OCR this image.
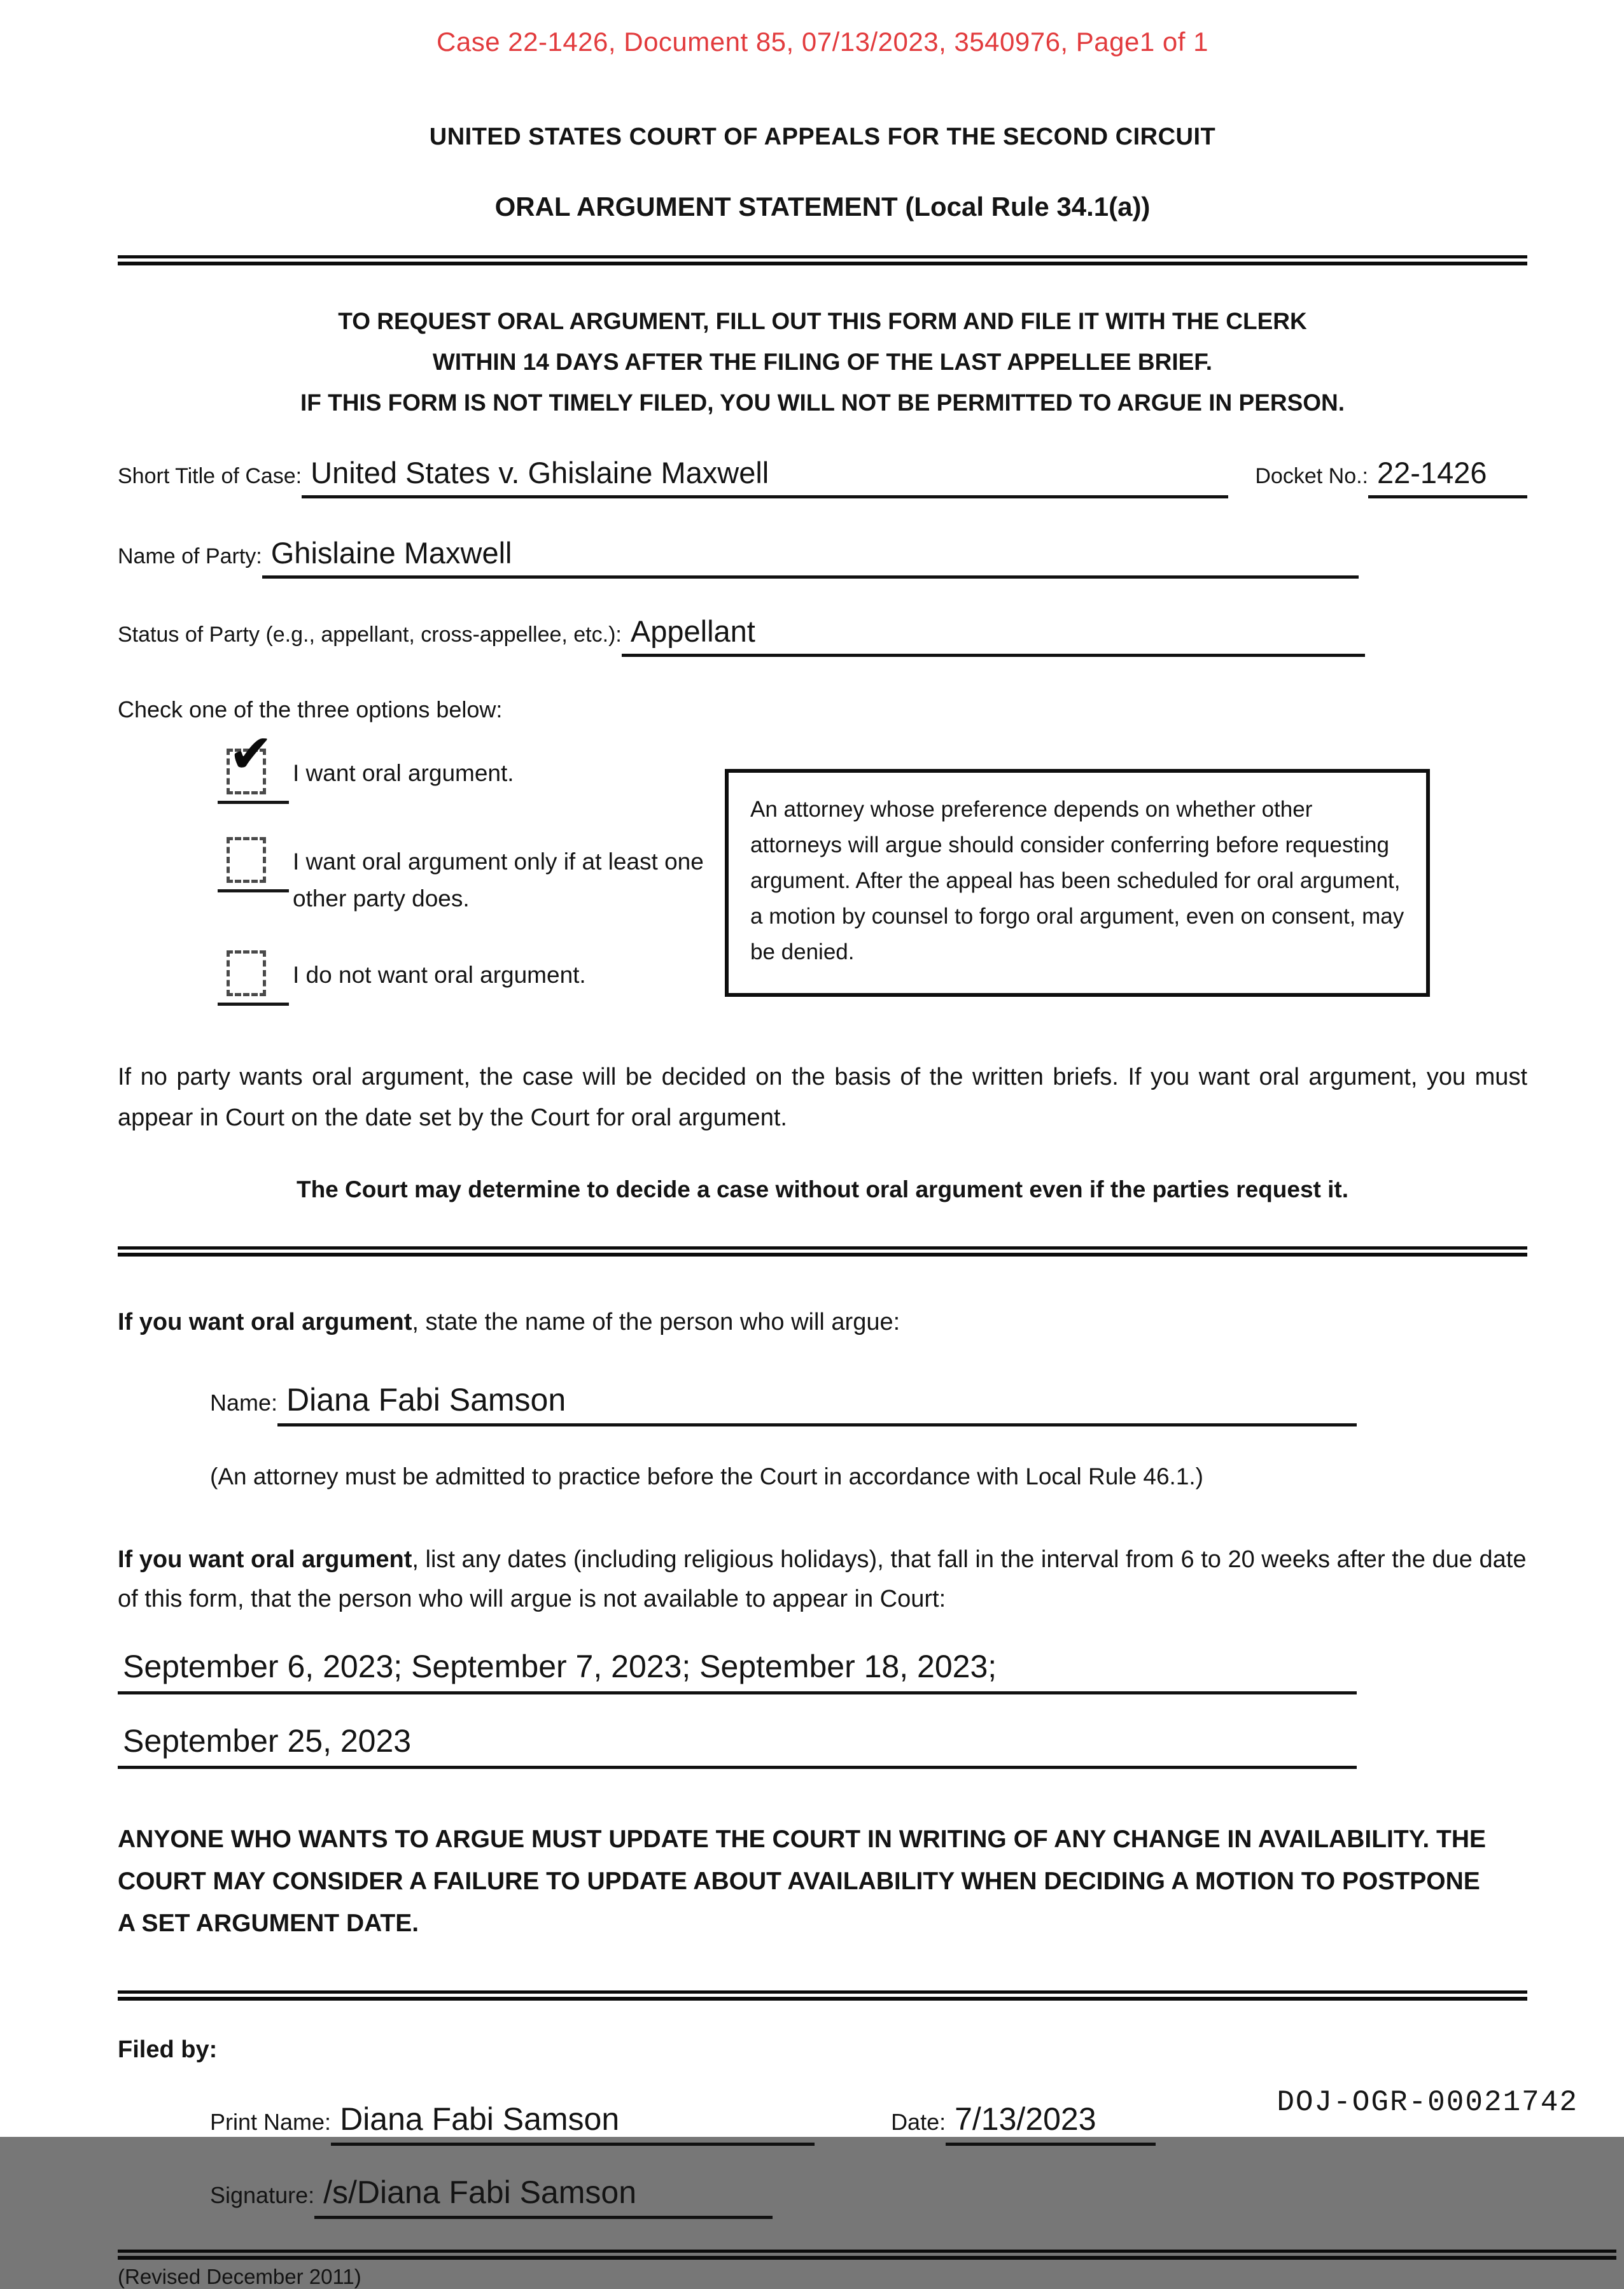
Case 22-1426, Document 85, 07/13/2023, 3540976, Page1 of 1
UNITED STATES COURT OF APPEALS FOR THE SECOND CIRCUIT
ORAL ARGUMENT STATEMENT (Local Rule 34.1(a))
TO REQUEST ORAL ARGUMENT, FILL OUT THIS FORM AND FILE IT WITH THE CLERK
WITHIN 14 DAYS AFTER THE FILING OF THE LAST APPELLEE BRIEF.
IF THIS FORM IS NOT TIMELY FILED, YOU WILL NOT BE PERMITTED TO ARGUE IN PERSON.
Short Title of Case: United States v. Ghislaine Maxwell	Docket No.: 22-1426
Name of Party: Ghislaine Maxwell
Status of Party (e.g., appellant, cross-appellee, etc.): Appellant
Check one of the three options below:
✔ I want oral argument.
I want oral argument only if at least one other party does.
I do not want oral argument.
An attorney whose preference depends on whether other attorneys will argue should consider conferring before requesting argument. After the appeal has been scheduled for oral argument, a motion by counsel to forgo oral argument, even on consent, may be denied.
If no party wants oral argument, the case will be decided on the basis of the written briefs. If you want oral argument, you must appear in Court on the date set by the Court for oral argument.
The Court may determine to decide a case without oral argument even if the parties request it.
If you want oral argument, state the name of the person who will argue:
Name: Diana Fabi Samson
(An attorney must be admitted to practice before the Court in accordance with Local Rule 46.1.)
If you want oral argument, list any dates (including religious holidays), that fall in the interval from 6 to 20 weeks after the due date of this form, that the person who will argue is not available to appear in Court:
September 6, 2023; September 7, 2023; September 18, 2023;
September 25, 2023
ANYONE WHO WANTS TO ARGUE MUST UPDATE THE COURT IN WRITING OF ANY CHANGE IN AVAILABILITY. THE COURT MAY CONSIDER A FAILURE TO UPDATE ABOUT AVAILABILITY WHEN DECIDING A MOTION TO POSTPONE A SET ARGUMENT DATE.
Filed by:
Print Name: Diana Fabi Samson	Date: 7/13/2023
Signature: /s/Diana Fabi Samson
(Revised December 2011)
DOJ-OGR-00021742
